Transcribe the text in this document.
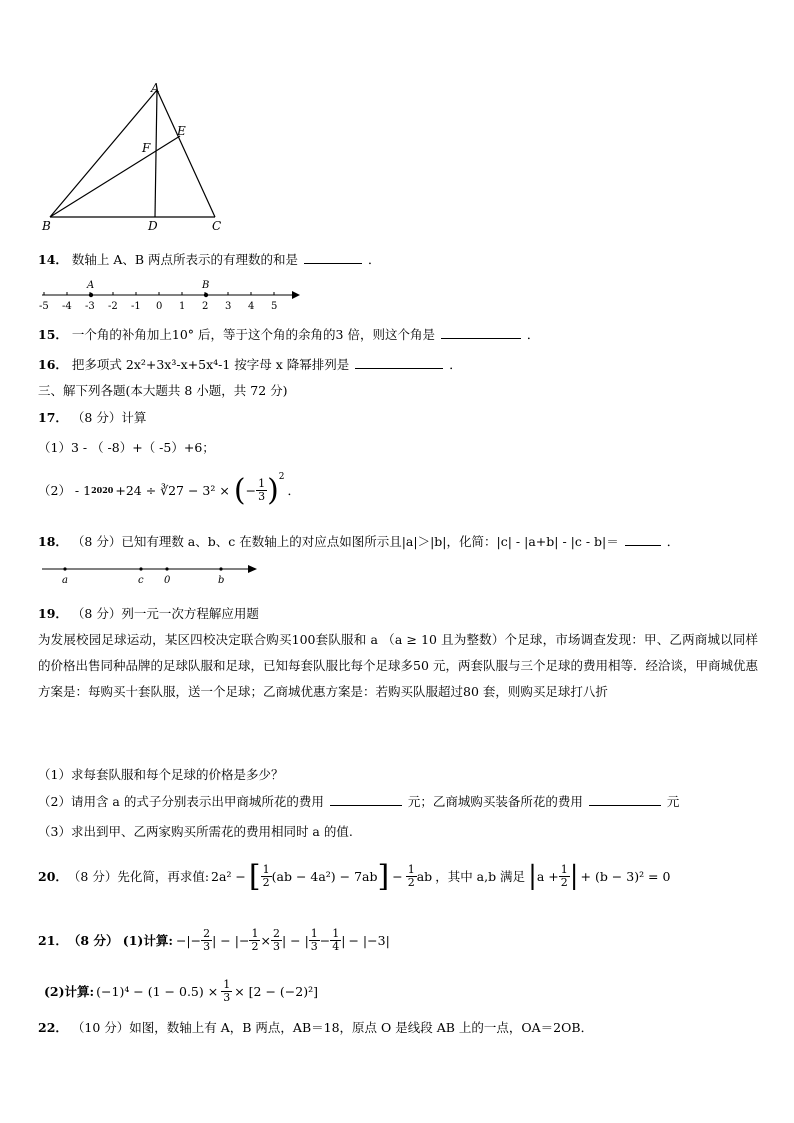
A
B	C
D
E
F
14． 数轴上 A、B 两点所表示的有理数的和是	．
-5 -4 -3 -2 -1 0 1 2 3 4 5
A	B
15． 一个角的补角加上10° 后，等于这个角的余角的3 倍，则这个角是	．
16． 把多项式 2x²+3x³-x+5x⁴-1 按字母 x 降幂排列是	．
三、解下列各题(本大题共 8 小题，共 72 分)
17． （8 分）计算
（1）3 - （ -8）+（ -5）+6；
（2） - 1 2020 +24 ÷ ∛27 − 3² × ( − $\frac{1}{3} )^2$
．
18． （8 分）已知有理数 a、b、c 在数轴上的对应点如图所示且|a|＞|b|，化简：|c| - |a+b| - |c - b|＝	．
a	c 0	b
19． （8 分）列一元一次方程解应用题
为发展校园足球运动，某区四校决定联合购买100套队服和 a （a ≥ 10 且为整数）个足球，市场调查发现：甲、乙两商城以同样的价格出售同种品牌的足球队服和足球，已知每套队服比每个足球多50 元，两套队服与三个足球的费用相等．经洽谈，甲商城优惠方案是：每购买十套队服，送一个足球；乙商城优惠方案是：若购买队服超过80 套，则购买足球打八折
（1）求每套队服和每个足球的价格是多少？
（2）请用含 a 的式子分别表示出甲商城所花的费用	元；乙商城购买装备所花的费用	元
（3）求出到甲、乙两家购买所需花的费用相同时 a 的值.
20． （8 分）先化简，再求值: 2a² − [ $\frac{1}{2} (ab - 4a^2) - 7ab$ ] − $\frac{1}{2}$ ab ，其中 a,b 满足 | $a + \frac{1}{2}$ | + (b − 3)² = 0
21． （8 分） (1)计算: −|− $\frac{2}{3}$ | − |− $\frac{1}{2} \times \frac{2}{3}$ | − | $\frac{1}{3} - \frac{1}{4}$ | − |−3|
(2)计算: $(-1)^4 - (1 - 0.5) \times \frac{1}{3} \times [2 - (-2)^2]$
22． （10 分）如图，数轴上有 A，B 两点，AB＝18，原点 O 是线段 AB 上的一点，OA＝2OB．
